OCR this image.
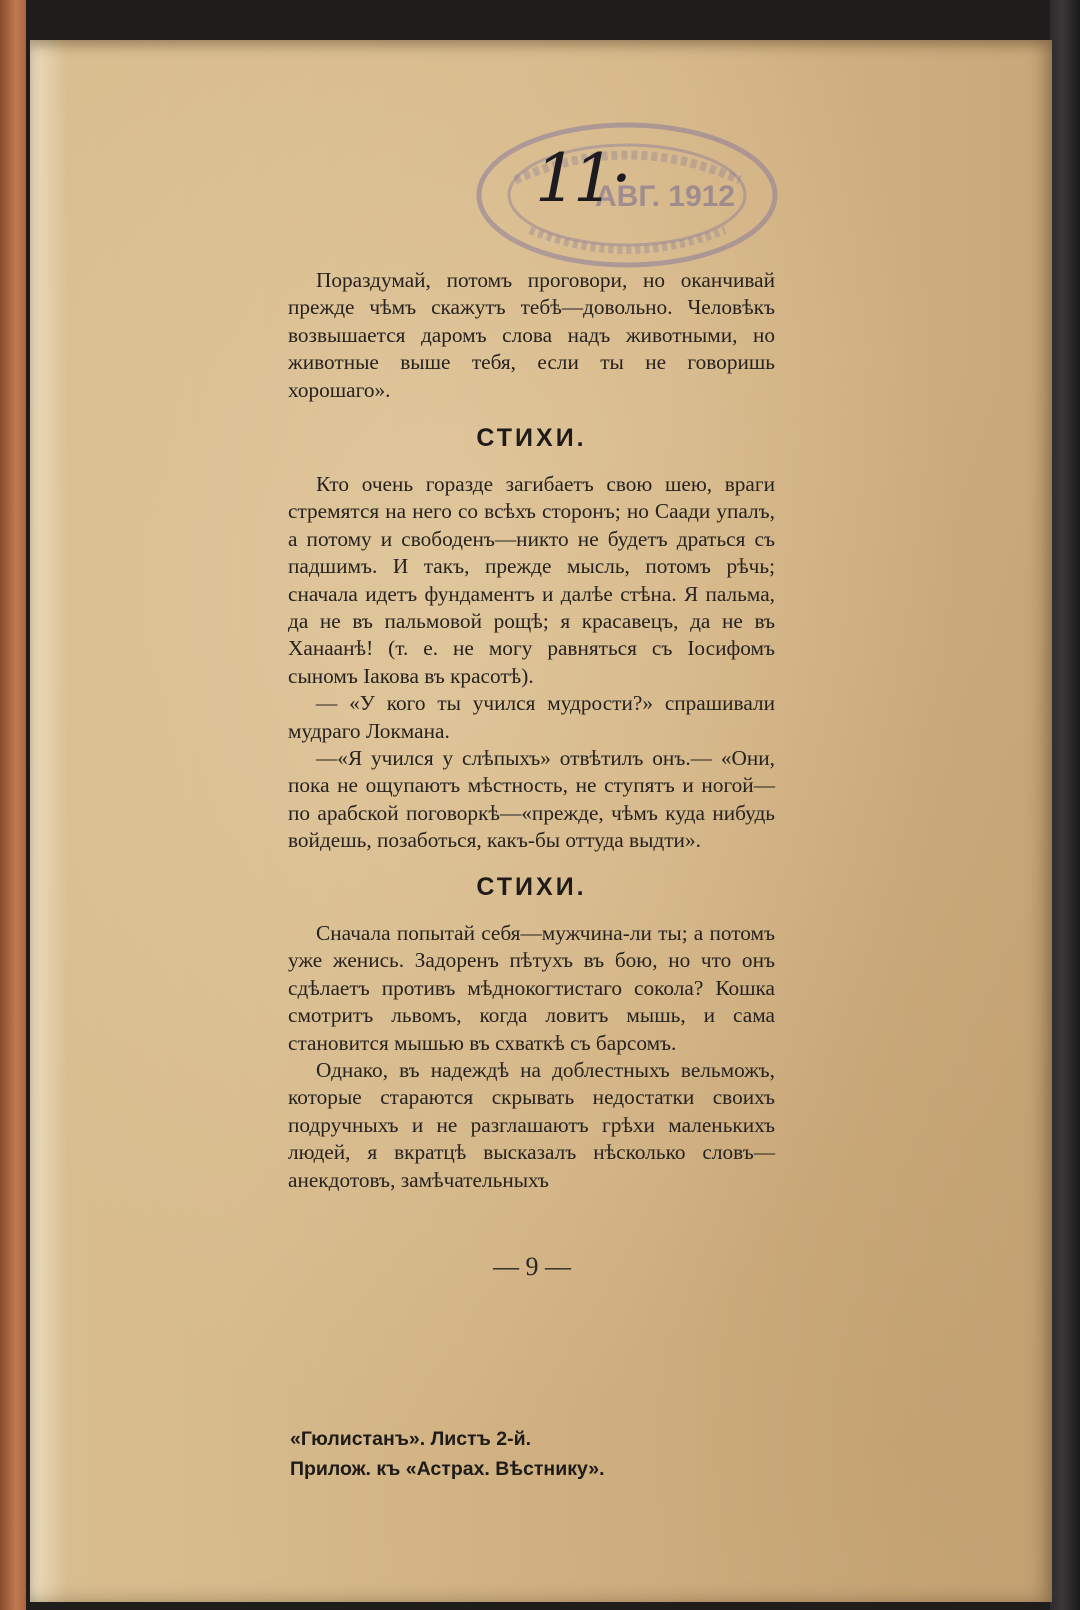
АВГ. 1912
11·

Пораздумай, потомъ проговори, но оканчивай прежде чѣмъ скажутъ тебѣ—довольно. Человѣкъ возвышается даромъ слова надъ животными, но животные выше тебя, если ты не говоришь хорошаго».

СТИХИ.

Кто очень горазде загибаетъ свою шею, враги стремятся на него со всѣхъ сторонъ; но Саади упалъ, а потому и свободенъ—никто не будетъ драться съ падшимъ. И такъ, прежде мысль, потомъ рѣчь; сначала идетъ фундаментъ и далѣе стѣна. Я пальма, да не въ пальмовой рощѣ; я красавецъ, да не въ Ханаанѣ! (т. е. не могу равняться съ Іосифомъ сыномъ Іакова въ красотѣ).

— «У кого ты учился мудрости?» спрашивали мудраго Локмана.

—«Я учился у слѣпыхъ» отвѣтилъ онъ.— «Они, пока не ощупаютъ мѣстность, не ступятъ и ногой—по арабской поговоркѣ—«прежде, чѣмъ куда нибудь войдешь, позаботься, какъ-бы оттуда выдти».

СТИХИ.

Сначала попытай себя—мужчина-ли ты; а потомъ уже женись. Задоренъ пѣтухъ въ бою, но что онъ сдѣлаетъ противъ мѣднокогтистаго сокола? Кошка смотритъ львомъ, когда ловитъ мышь, и сама становится мышью въ схваткѣ съ барсомъ.

Однако, въ надеждѣ на доблестныхъ вельможъ, которые стараются скрывать недостатки своихъ подручныхъ и не разглашаютъ грѣхи маленькихъ людей, я вкратцѣ высказалъ нѣсколько словъ—анекдотовъ, замѣчательныхъ

— 9 —
«Гюлистанъ». Листъ 2-й.
Прилож. къ «Астрах. Вѣстнику».
